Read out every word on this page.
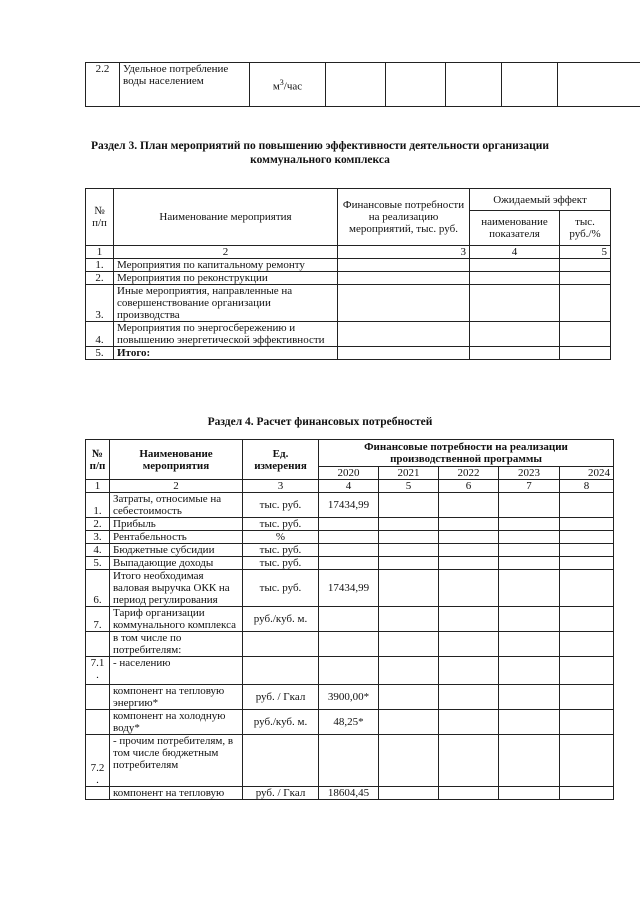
2.2	Удельное потребление воды населением	$м^3$/час					
Раздел 3. План мероприятий по повышению эффективности деятельности организации
коммунального комплекса
№ п/п	Наименование мероприятия	Финансовые потребности на реализацию мероприятий, тыс. руб.	Ожидаемый эффект	
			наименование показателя	тыс. руб./%
1	2	3	4	5
1.	Мероприятия по капитальному ремонту			
2.	Мероприятия по реконструкции			
3.	Иные мероприятия, направленные на совершенствование организации производства			
4.	Мероприятия по энергосбережению и повышению энергетической эффективности			
5.	Итого:			
Раздел 4. Расчет финансовых потребностей
№ п/п	Наименование мероприятия	Ед. измерения	Финансовые потребности на реализации производственной программы				
			2020	2021	2022	2023	2024
1	2	3	4	5	6	7	8
1.	Затраты, относимые на себестоимость	тыс. руб.	17434,99				
2.	Прибыль	тыс. руб.					
3.	Рентабельность	%					
4.	Бюджетные субсидии	тыс. руб.					
5.	Выпадающие доходы	тыс. руб.					
6.	Итого необходимая валовая выручка ОКК на период регулирования	тыс. руб.	17434,99				
7.	Тариф организации коммунального комплекса	руб./куб. м.					
	в том числе по потребителям:						
7.1 .	- населению						
	компонент на тепловую энергию*	руб. / Гкал	3900,00*				
	компонент на холодную воду*	руб./куб. м.	48,25*				
7.2 .	- прочим потребителям, в том числе бюджетным потребителям						
	компонент на тепловую	руб. / Гкал	18604,45				
